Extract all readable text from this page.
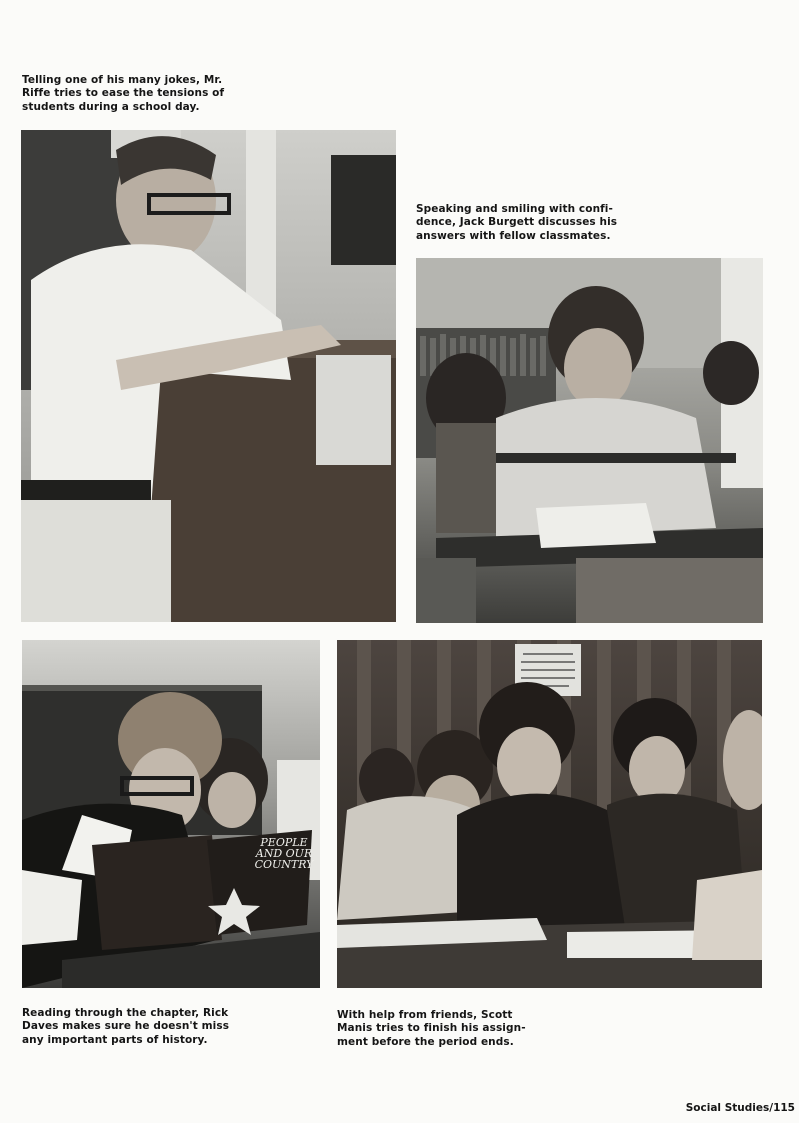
Telling one of his many jokes, Mr.
Riffe tries to ease the tensions of
students during a school day.
Speaking and smiling with confi-
dence, Jack Burgett discusses his
answers with fellow classmates.
PEOPLE
AND OUR
COUNTRY
Reading through the chapter, Rick
Daves makes sure he doesn't miss
any important parts of history.
With help from friends, Scott
Manis tries to finish his assign-
ment before the period ends.
Social Studies/115
